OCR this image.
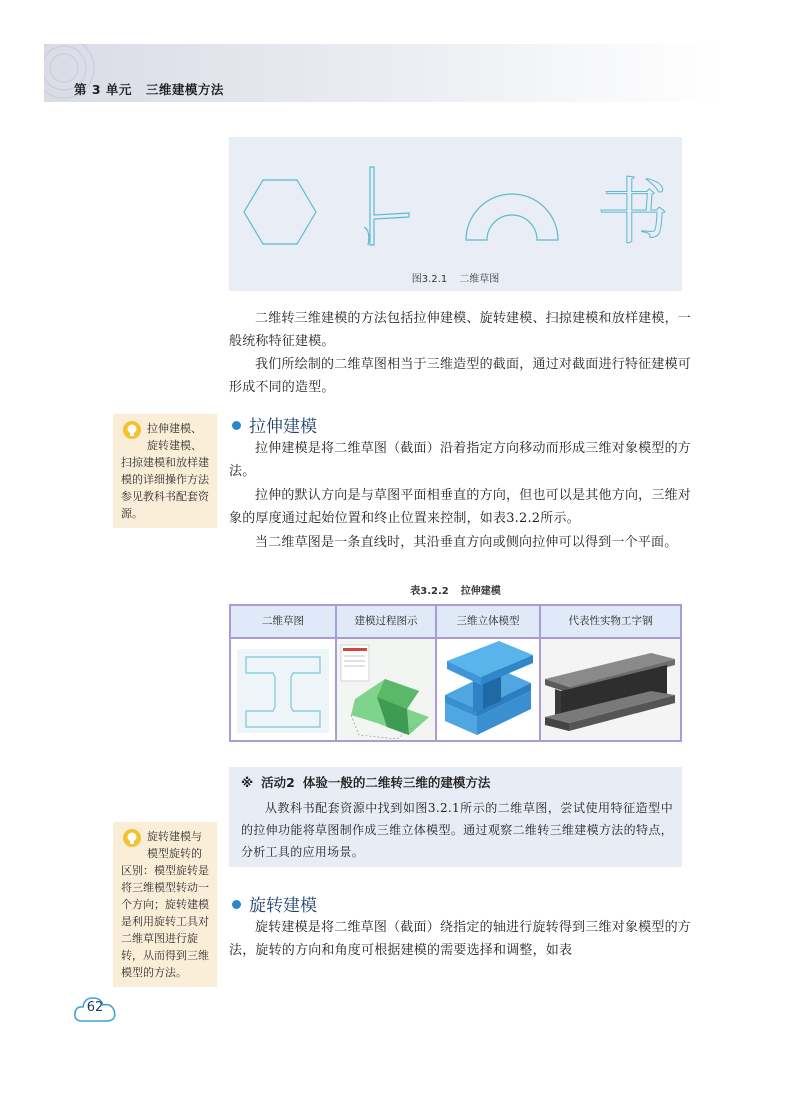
第 3 单元 三维建模方法
书
图3.2.1 二维草图

二维转三维建模的方法包括拉伸建模、旋转建模、扫掠建模和放样建模，一般统称特征建模。

我们所绘制的二维草图相当于三维造型的截面，通过对截面进行特征建模可形成不同的造型。

拉伸建模、旋转建模、扫掠建模和放样建模的详细操作方法参见教科书配套资源。
拉伸建模

拉伸建模是将二维草图（截面）沿着指定方向移动而形成三维对象模型的方法。

拉伸的默认方向是与草图平面相垂直的方向，但也可以是其他方向，三维对象的厚度通过起始位置和终止位置来控制，如表3.2.2所示。

当二维草图是一条直线时，其沿垂直方向或侧向拉伸可以得到一个平面。

表3.2.2 拉伸建模
二维草图	建模过程图示	三维立体模型	代表性实物工字钢
※ 活动2 体验一般的二维转三维的建模方法

从教科书配套资源中找到如图3.2.1所示的二维草图，尝试使用特征造型中的拉伸功能将草图制作成三维立体模型。通过观察二维转三维建模方法的特点，分析工具的应用场景。

旋转建模与模型旋转的区别：模型旋转是将三维模型转动一个方向；旋转建模是利用旋转工具对二维草图进行旋转，从而得到三维模型的方法。
旋转建模

旋转建模是将二维草图（截面）绕指定的轴进行旋转得到三维对象模型的方法，旋转的方向和角度可根据建模的需要选择和调整，如表

62
